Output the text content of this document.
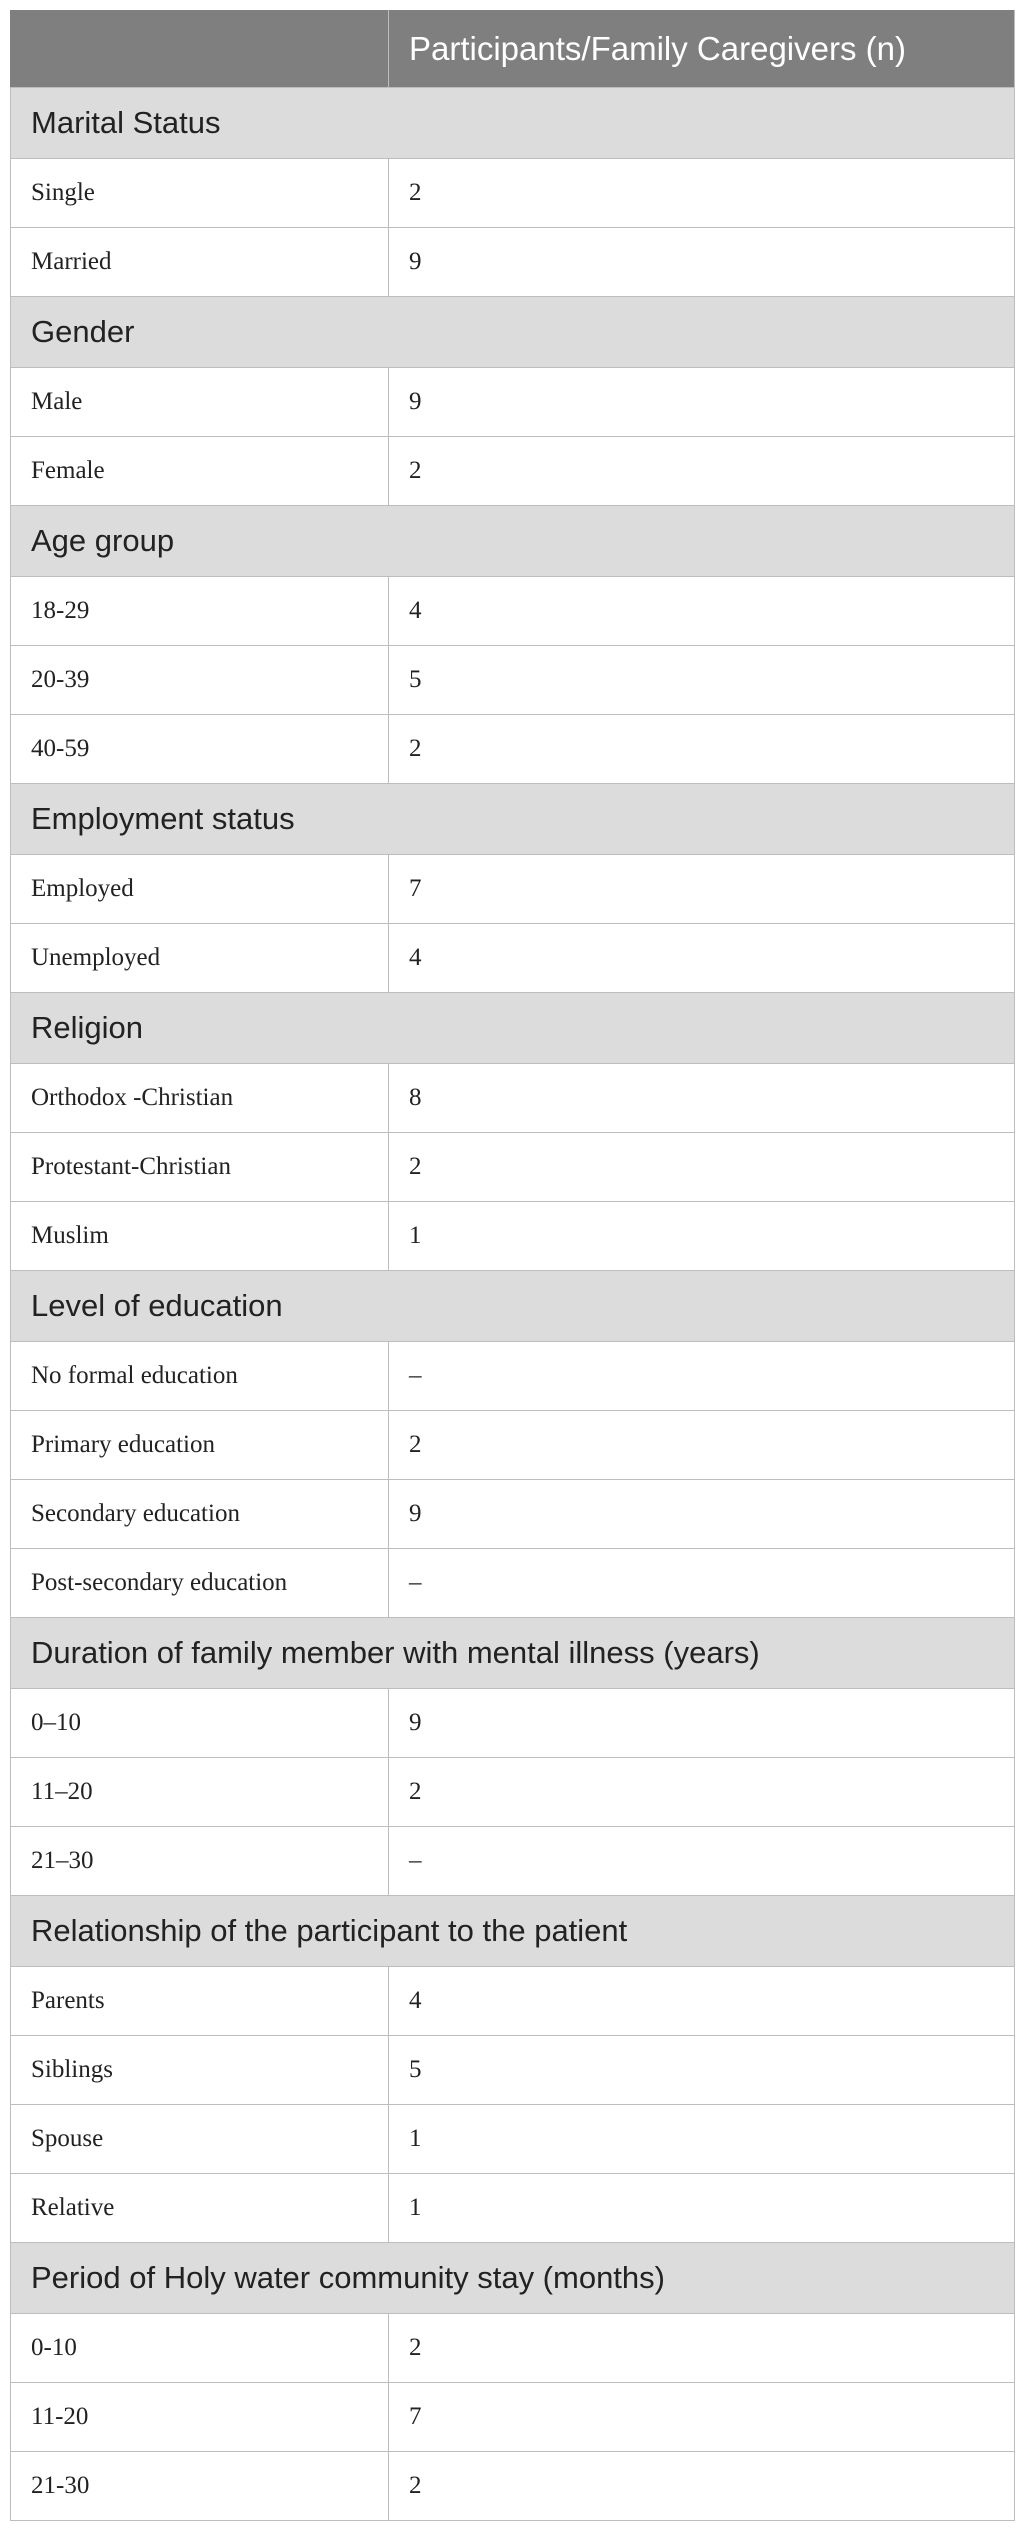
	Participants/Family Caregivers (n)
Marital Status	
Single	2
Married	9
Gender	
Male	9
Female	2
Age group	
18-29	4
20-39	5
40-59	2
Employment status	
Employed	7
Unemployed	4
Religion	
Orthodox -Christian	8
Protestant-Christian	2
Muslim	1
Level of education	
No formal education	–
Primary education	2
Secondary education	9
Post-secondary education	–
Duration of family member with mental illness (years)	
0–10	9
11–20	2
21–30	–
Relationship of the participant to the patient	
Parents	4
Siblings	5
Spouse	1
Relative	1
Period of Holy water community stay (months)	
0-10	2
11-20	7
21-30	2
